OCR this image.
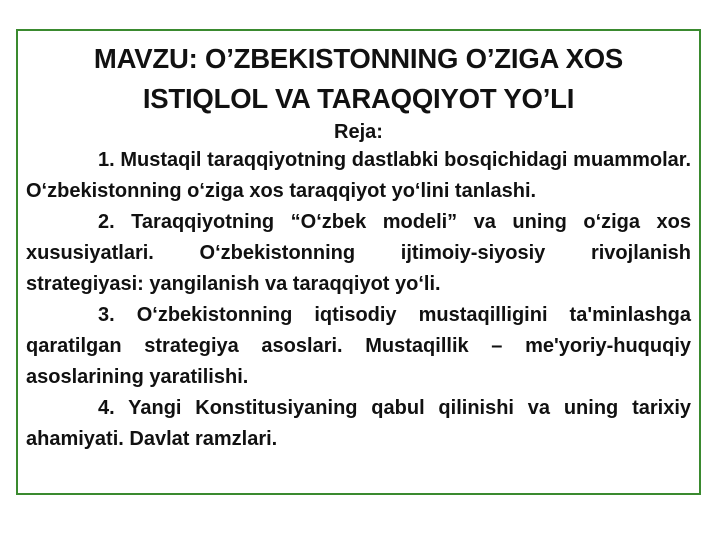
MAVZU: O’ZBEKISTONNING O’ZIGA XOS
ISTIQLOL VA TARAQQIYOT YO’LI

Reja:

1. Mustaqil taraqqiyotning dastlabki bosqichidagi muammolar. O‘zbekistonning o‘ziga xos taraqqiyot yo‘lini tanlashi.

2. Taraqqiyotning “O‘zbek modeli” va uning o‘ziga xos xususiyatlari. O‘zbekistonning ijtimoiy-siyosiy rivojlanish strategiyasi: yangilanish va taraqqiyot yo‘li.

3. O‘zbekistonning iqtisodiy mustaqilligini ta'minlashga qaratilgan strategiya asoslari. Mustaqillik – me'yoriy-huquqiy asoslarining yaratilishi.

4. Yangi Konstitusiyaning qabul qilinishi va uning tarixiy ahamiyati. Davlat ramzlari.
